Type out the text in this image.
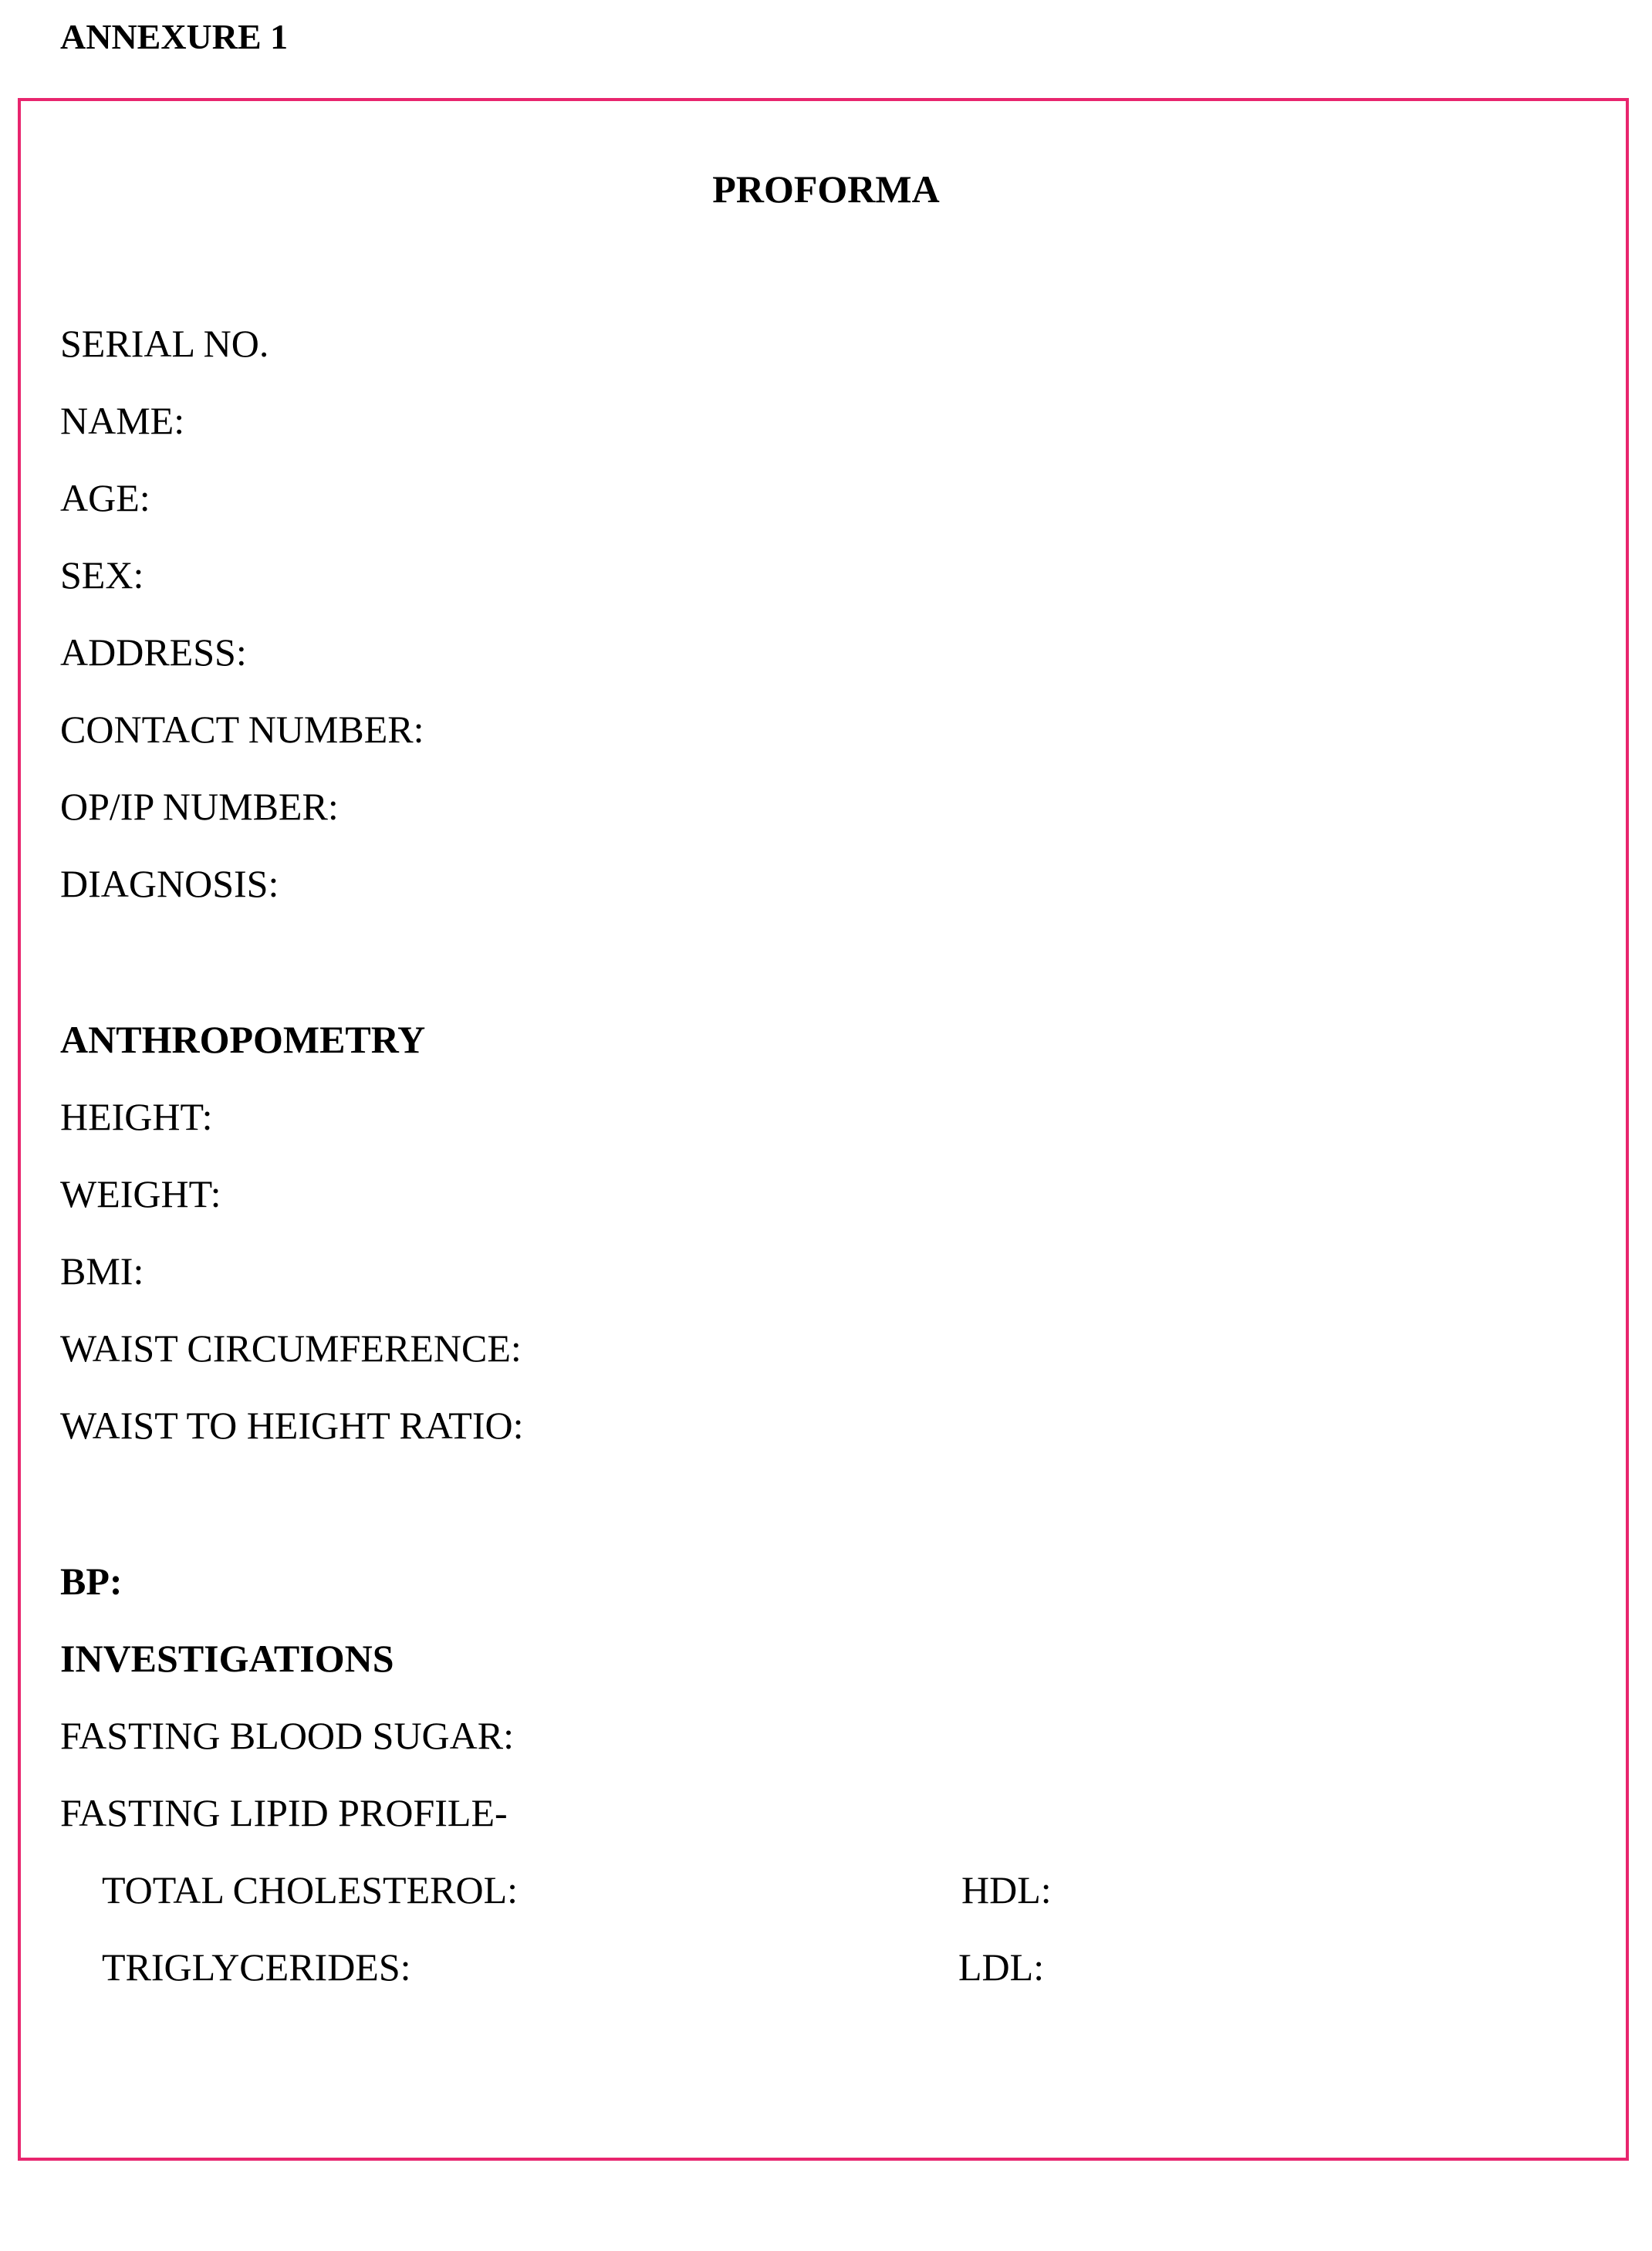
ANNEXURE 1
PROFORMA
SERIAL NO.
NAME:
AGE:
SEX:
ADDRESS:
CONTACT NUMBER:
OP/IP NUMBER:
DIAGNOSIS:
ANTHROPOMETRY
HEIGHT:
WEIGHT:
BMI:
WAIST CIRCUMFERENCE:
WAIST TO HEIGHT RATIO:
BP:
INVESTIGATIONS
FASTING BLOOD SUGAR:
FASTING LIPID PROFILE-
TOTAL CHOLESTEROL:	HDL:
TRIGLYCERIDES:	LDL:
